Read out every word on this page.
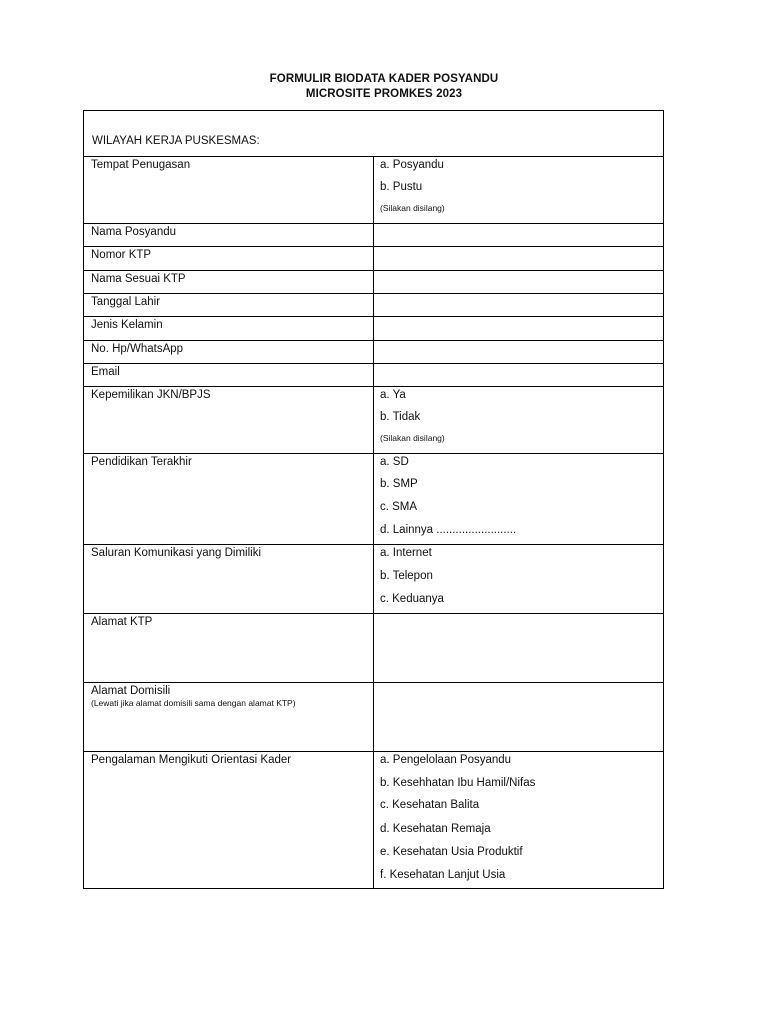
FORMULIR BIODATA KADER POSYANDU
MICROSITE PROMKES 2023
WILAYAH KERJA PUSKESMAS:
Tempat Penugasan	a. Posyandu
b. Pustu
(Silakan disilang)
Nama Posyandu
Nomor KTP
Nama Sesuai KTP
Tanggal Lahir
Jenis Kelamin
No. Hp/WhatsApp
Email
Kepemilikan JKN/BPJS	a. Ya
b. Tidak
(Silakan disilang)
Pendidikan Terakhir	a. SD
b. SMP
c. SMA
d. Lainnya .........................
Saluran Komunikasi yang Dimiliki	a. Internet
b. Telepon
c. Keduanya
Alamat KTP
Alamat Domisili
(Lewati jika alamat domisili sama dengan alamat KTP)
Pengalaman Mengikuti Orientasi Kader	a. Pengelolaan Posyandu
b. Kesehhatan Ibu Hamil/Nifas
c. Kesehatan Balita
d. Kesehatan Remaja
e. Kesehatan Usia Produktif
f. Kesehatan Lanjut Usia
